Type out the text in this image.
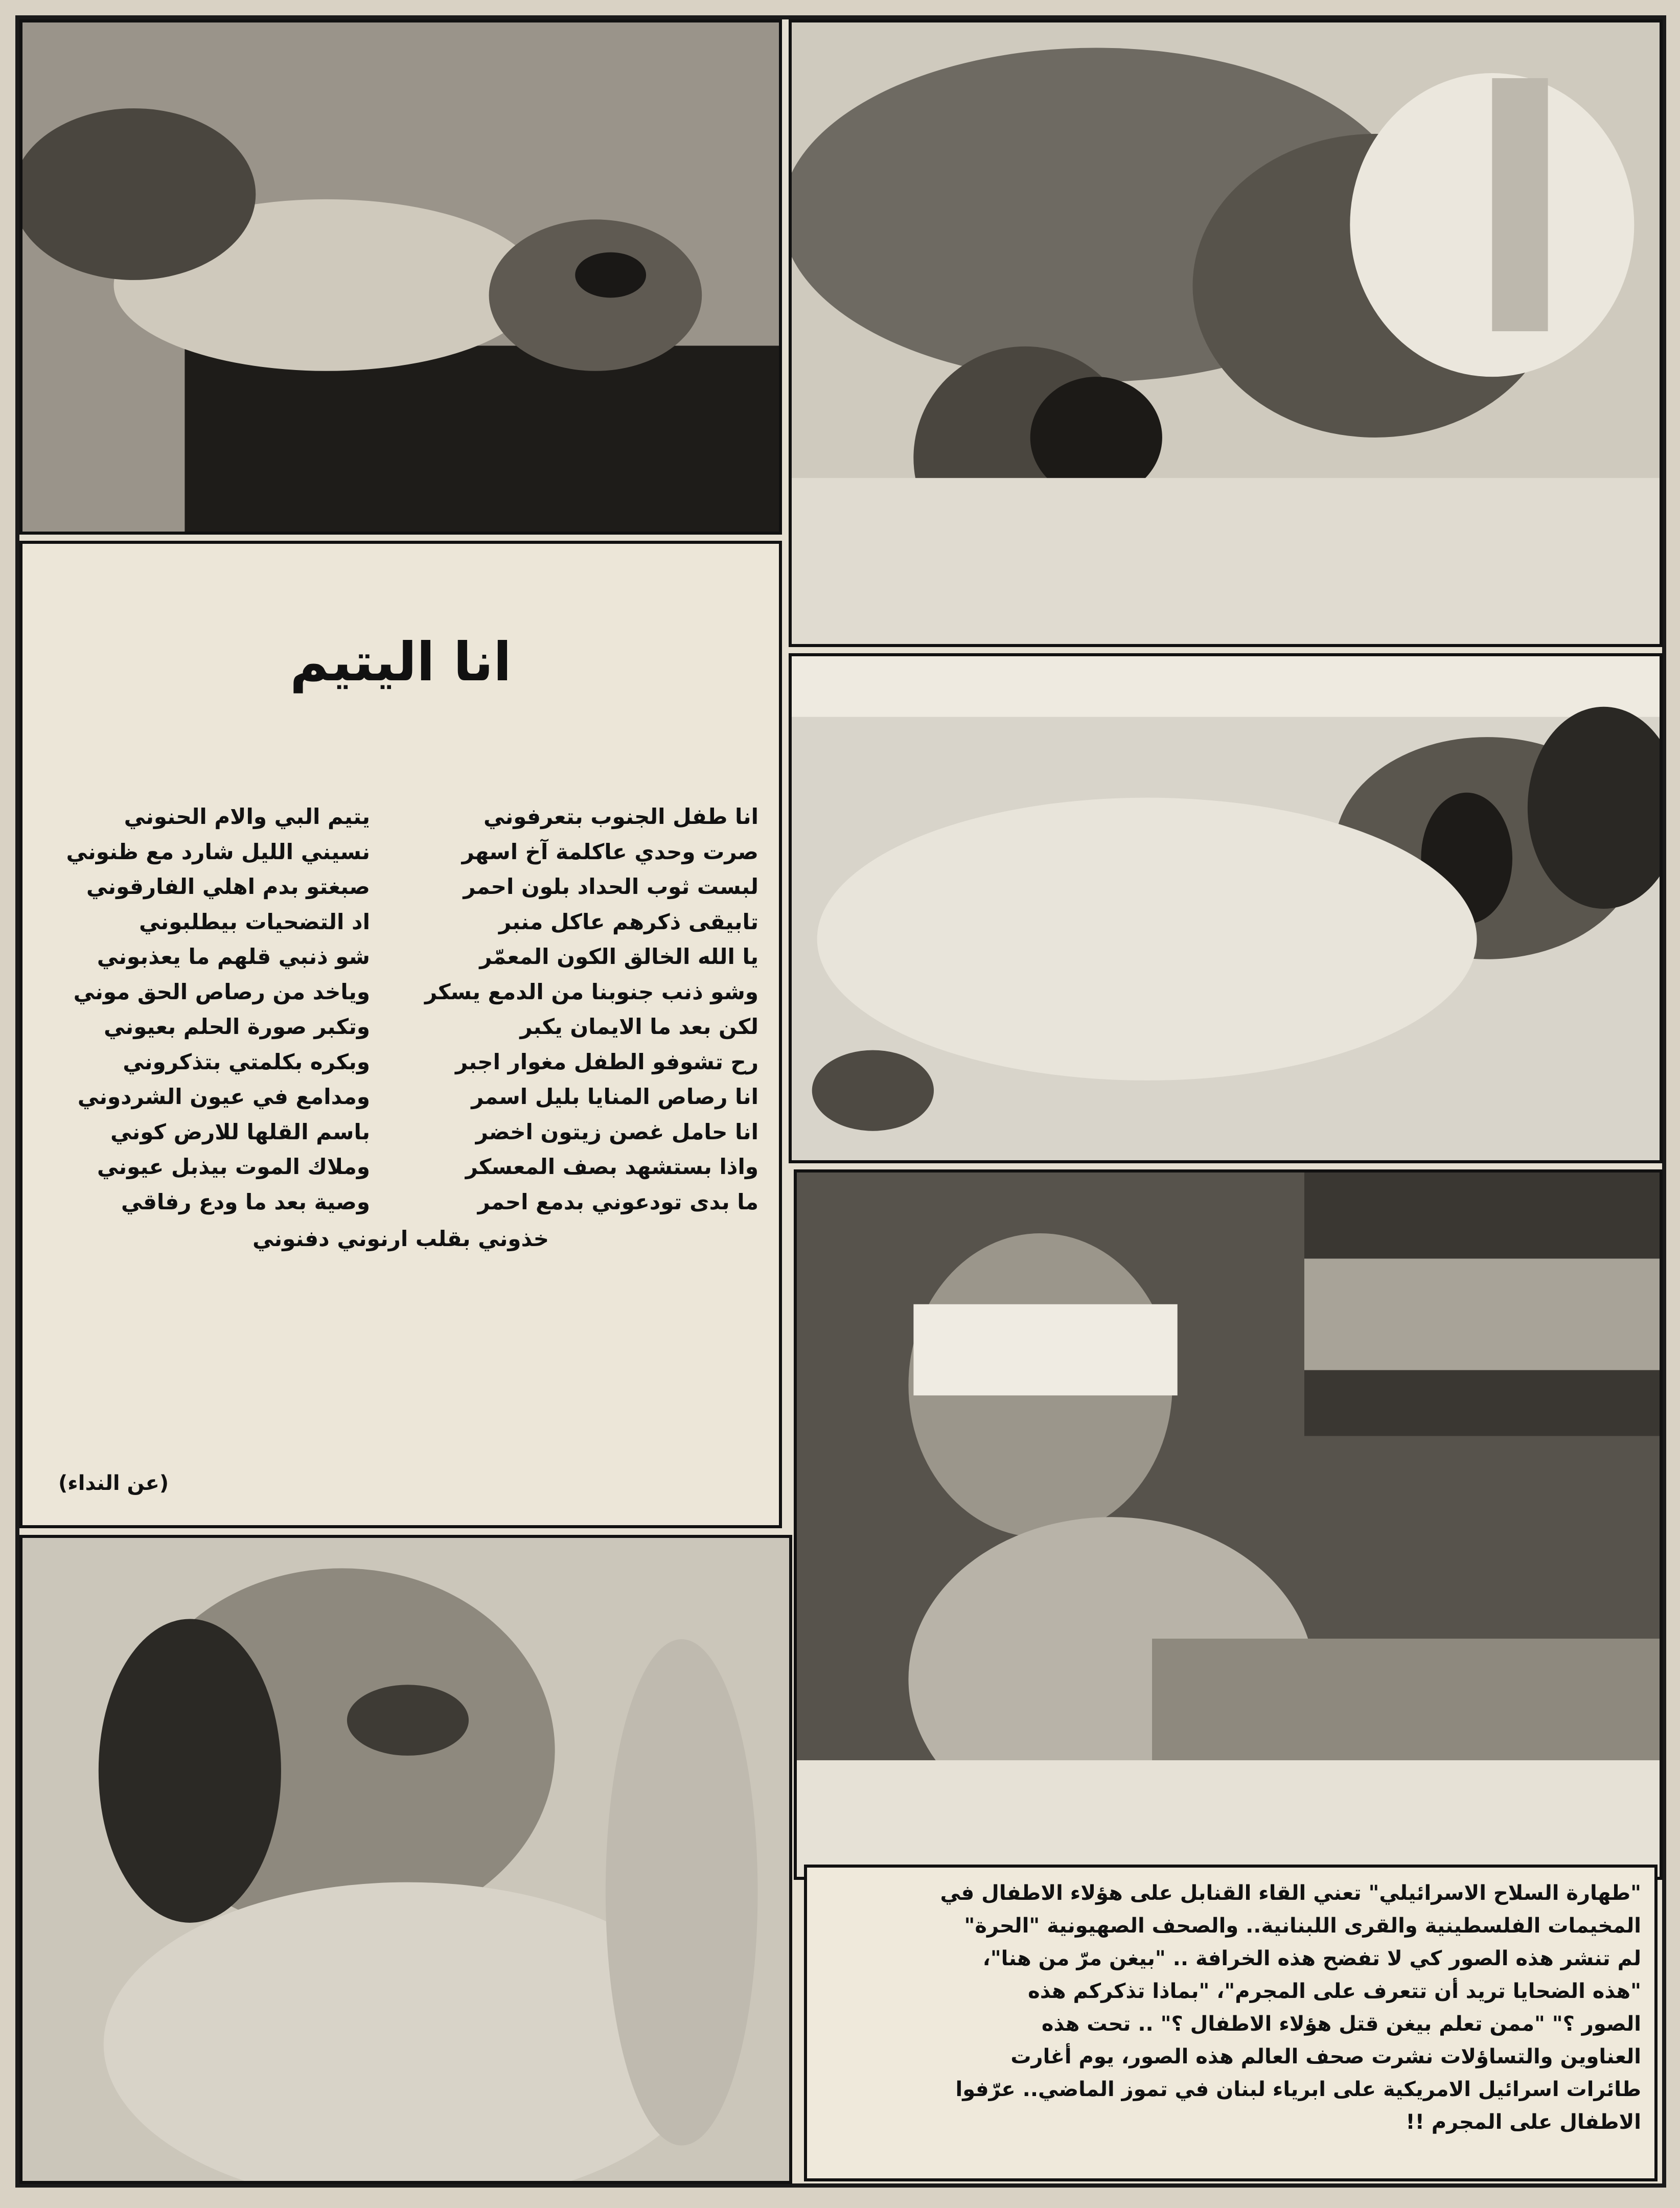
انا اليتيم
انا طفل الجنوب بتعرفوني
صرت وحدي عاكلمة آخ اسهر
لبست ثوب الحداد بلون احمر
تابيقى ذكرهم عاكل منبر
يا الله الخالق الكون المعمّر
وشو ذنب جنوبنا من الدمع يسكر
لكن بعد ما الايمان يكبر
رح تشوفو الطفل مغوار اجبر
انا رصاص المنايا بليل اسمر
انا حامل غصن زيتون اخضر
واذا بستشهد بصف المعسكر
ما بدى تودعوني بدمع احمر
يتيم البي والام الحنوني
نسيني الليل شارد مع ظنوني
صبغتو بدم اهلي الفارقوني
اد التضحيات بيطلبوني
شو ذنبي قلهم ما يعذبوني
وياخد من رصاص الحق موني
وتكبر صورة الحلم بعيوني
وبكره بكلمتي بتذكروني
ومدامع في عيون الشردوني
باسم القلها للارض كوني
وملاك الموت بيذبل عيوني
وصية بعد ما ودع رفاقي
خذوني بقلب ارنوني دفنوني
(عن النداء)
"طهارة السلاح الاسرائيلي" تعني القاء القنابل على هؤلاء الاطفال في
المخيمات الفلسطينية والقرى اللبنانية.. والصحف الصهيونية "الحرة"
لم تنشر هذه الصور كي لا تفضح هذه الخرافة .. "بيغن مرّ من هنا"،
"هذه الضحايا تريد أن تتعرف على المجرم"، "بماذا تذكركم هذه
الصور ؟" "ممن تعلم بيغن قتل هؤلاء الاطفال ؟" .. تحت هذه
العناوين والتساؤلات نشرت صحف العالم هذه الصور، يوم أغارت
طائرات اسرائيل الامريكية على ابرياء لبنان في تموز الماضي.. عرّفوا
الاطفال على المجرم !!
